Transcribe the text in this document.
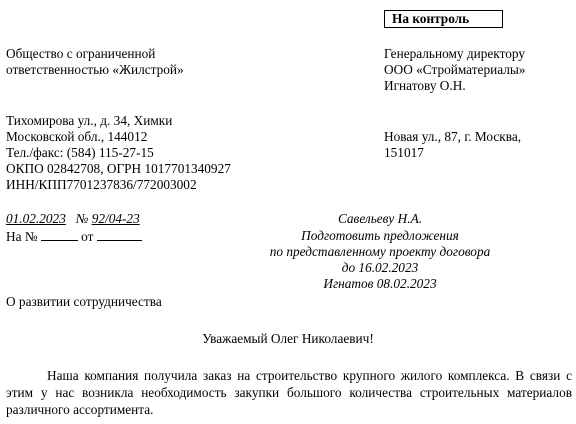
На контроль
Общество с ограниченной
ответственностью «Жилстрой»
Генеральному директору
ООО «Стройматериалы»
Игнатову О.Н.
Тихомирова ул., д. 34, Химки
Московской обл., 144012
Тел./факс: (584) 115-27-15
ОКПО 02842708, ОГРН 1017701340927
ИНН/КПП7701237836/772003002
Новая ул., 87, г. Москва,
151017
01.02.2023 № 92/04-23
На №	от
Савельеву Н.А.
Подготовить предложения
по представленному проекту договора
до 16.02.2023
Игнатов 08.02.2023
О развитии сотрудничества
Уважаемый Олег Николаевич!
Наша компания получила заказ на строительство крупного жилого комплекса. В связи с этим у нас возникла необходимость закупки большого количества строительных материалов различного ассортимента.
